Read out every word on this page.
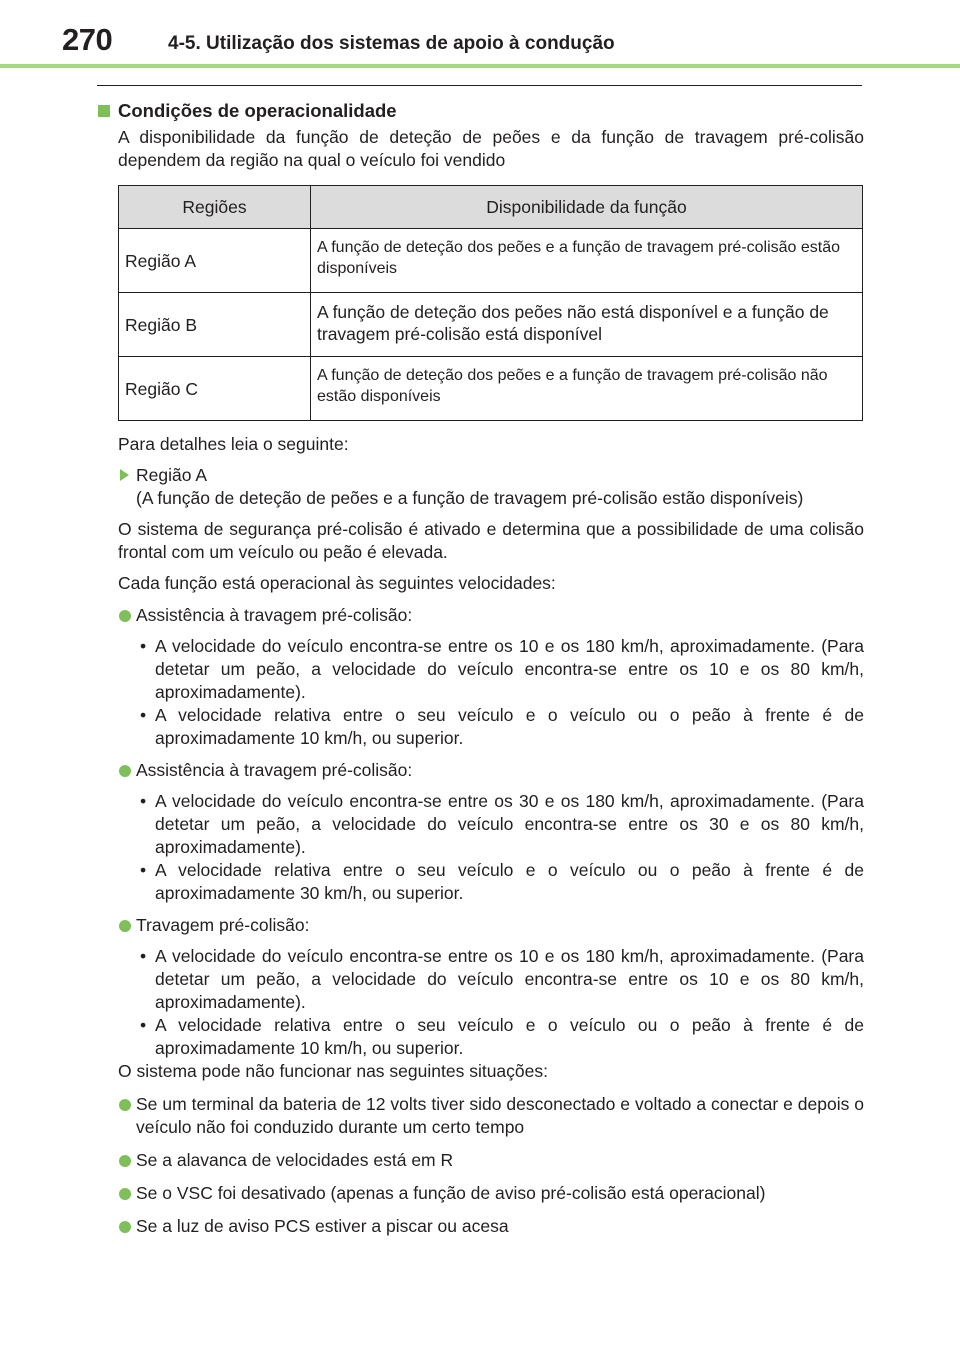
270	4-5. Utilização dos sistemas de apoio à condução
Condições de operacionalidade

A disponibilidade da função de deteção de peões e da função de travagem pré-colisão dependem da região na qual o veículo foi vendido

Regiões	Disponibilidade da função
Região A	A função de deteção dos peões e a função de travagem pré-colisão estão disponíveis
Região B	A função de deteção dos peões não está disponível e a função de travagem pré-colisão está disponível
Região C	A função de deteção dos peões e a função de travagem pré-colisão não estão disponíveis

Para detalhes leia o seguinte:

Região A
(A função de deteção de peões e a função de travagem pré-colisão estão disponíveis)

O sistema de segurança pré-colisão é ativado e determina que a possibilidade de uma colisão frontal com um veículo ou peão é elevada.

Cada função está operacional às seguintes velocidades:

Assistência à travagem pré-colisão:
• A velocidade do veículo encontra-se entre os 10 e os 180 km/h, aproximadamente. (Para detetar um peão, a velocidade do veículo encontra-se entre os 10 e os 80 km/h, aproximadamente).
• A velocidade relativa entre o seu veículo e o veículo ou o peão à frente é de aproximadamente 10 km/h, ou superior.
Assistência à travagem pré-colisão:
• A velocidade do veículo encontra-se entre os 30 e os 180 km/h, aproximadamente. (Para detetar um peão, a velocidade do veículo encontra-se entre os 30 e os 80 km/h, aproximadamente).
• A velocidade relativa entre o seu veículo e o veículo ou o peão à frente é de aproximadamente 30 km/h, ou superior.
Travagem pré-colisão:
• A velocidade do veículo encontra-se entre os 10 e os 180 km/h, aproximadamente. (Para detetar um peão, a velocidade do veículo encontra-se entre os 10 e os 80 km/h, aproximadamente).
• A velocidade relativa entre o seu veículo e o veículo ou o peão à frente é de aproximadamente 10 km/h, ou superior.

O sistema pode não funcionar nas seguintes situações:

Se um terminal da bateria de 12 volts tiver sido desconectado e voltado a conectar e depois o veículo não foi conduzido durante um certo tempo
Se a alavanca de velocidades está em R
Se o VSC foi desativado (apenas a função de aviso pré-colisão está operacional)
Se a luz de aviso PCS estiver a piscar ou acesa
